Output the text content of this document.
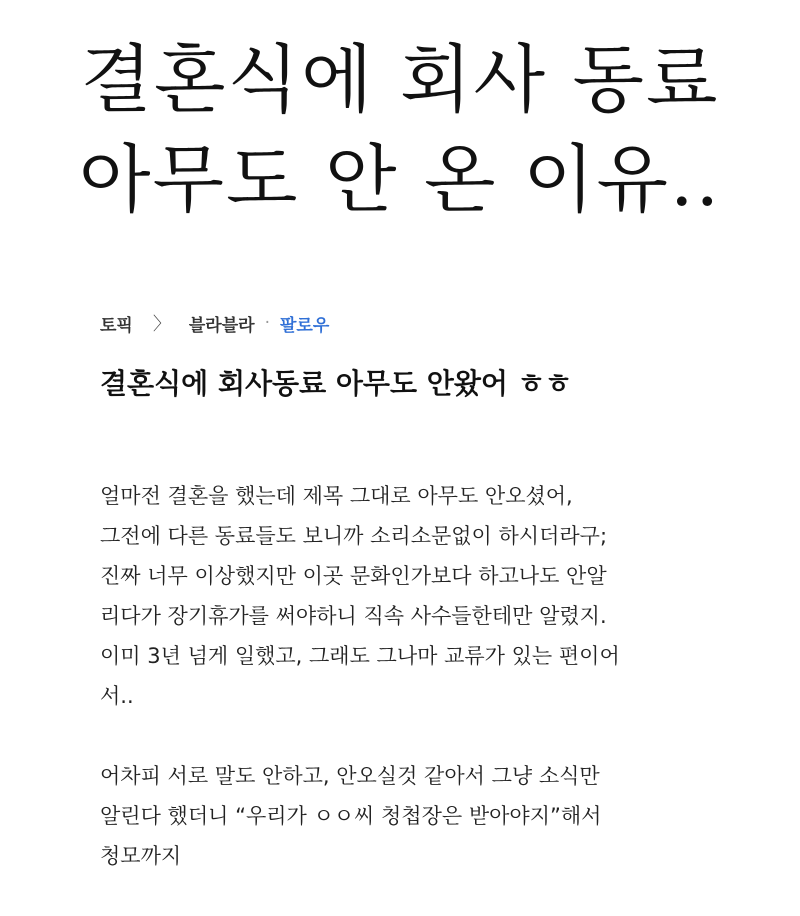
결혼식에 회사 동료
아무도 안 온 이유..
토픽 〉 블라블라 · 팔로우
결혼식에 회사동료 아무도 안왔어 ㅎㅎ

얼마전 결혼을 했는데 제목 그대로 아무도 안오셨어,
그전에 다른 동료들도 보니까 소리소문없이 하시더라구;
진짜 너무 이상했지만 이곳 문화인가보다 하고나도 안알
리다가 장기휴가를 써야하니 직속 사수들한테만 알렸지.
이미 3년 넘게 일했고, 그래도 그나마 교류가 있는 편이어
서..

어차피 서로 말도 안하고, 안오실것 같아서 그냥 소식만
알린다 했더니 “우리가 ㅇㅇ씨 청첩장은 받아야지”해서
청모까지
